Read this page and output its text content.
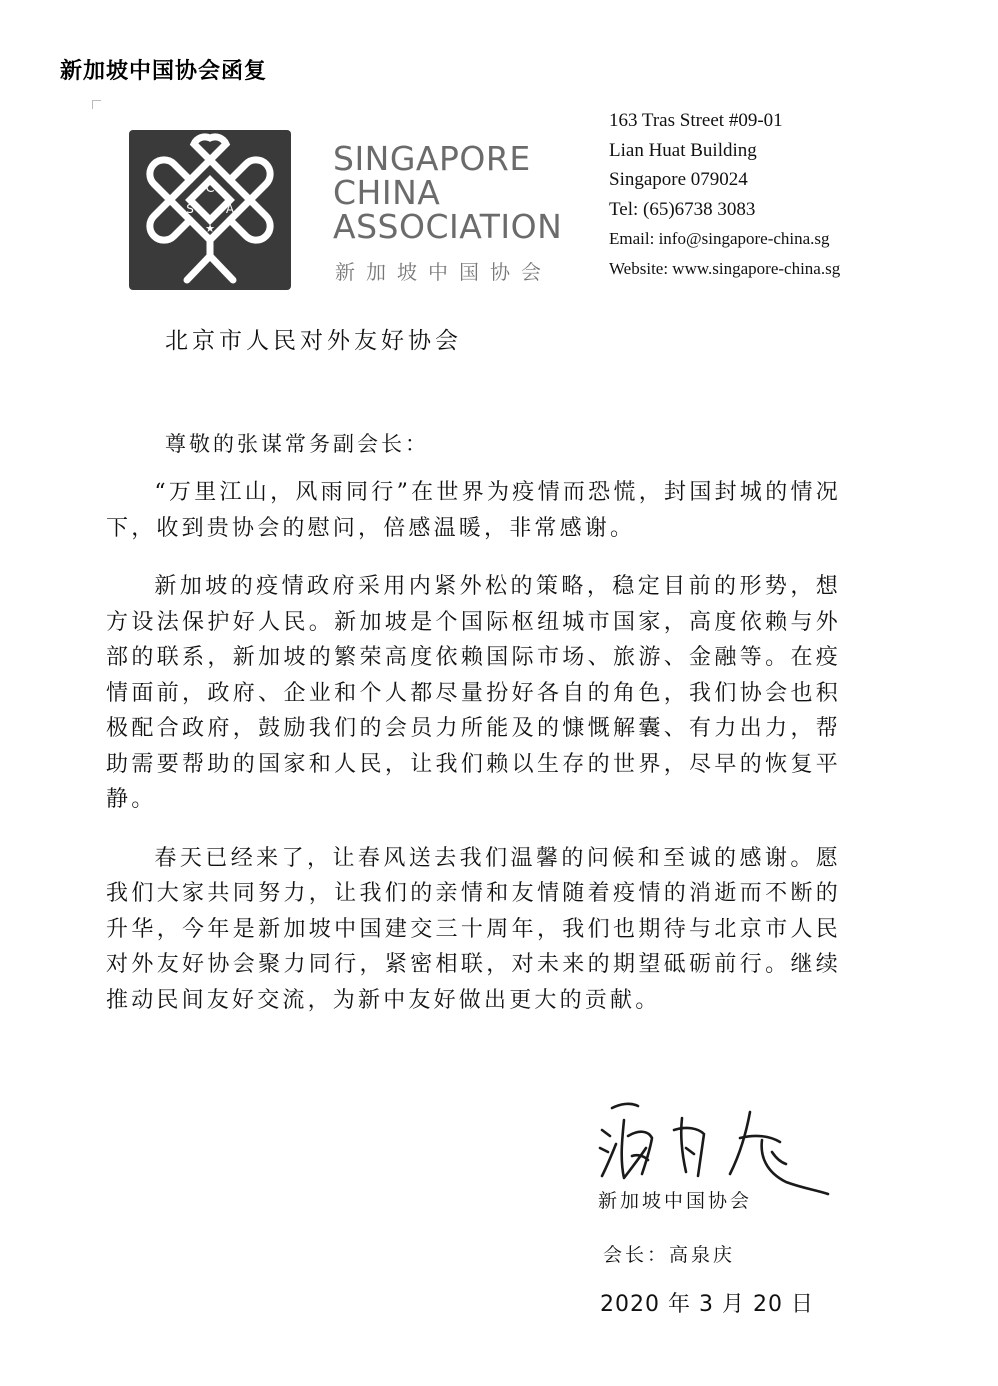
新加坡中国协会函复
C
S	A
★
SINGAPORE
CHINA
ASSOCIATION
新加坡中国协会
163 Tras Street #09-01
Lian Huat Building
Singapore 079024
Tel: (65)6738 3083
Email: info@singapore-china.sg
Website: www.singapore-china.sg
北京市人民对外友好协会
尊敬的张谋常务副会长：

“万里江山，风雨同行”在世界为疫情而恐慌，封国封城的情况下，收到贵协会的慰问，倍感温暖，非常感谢。

新加坡的疫情政府采用内紧外松的策略，稳定目前的形势，想方设法保护好人民。新加坡是个国际枢纽城市国家，高度依赖与外部的联系，新加坡的繁荣高度依赖国际市场、旅游、金融等。在疫情面前，政府、企业和个人都尽量扮好各自的角色，我们协会也积极配合政府，鼓励我们的会员力所能及的慷慨解囊、有力出力，帮助需要帮助的国家和人民，让我们赖以生存的世界，尽早的恢复平静。

春天已经来了，让春风送去我们温馨的问候和至诚的感谢。愿我们大家共同努力，让我们的亲情和友情随着疫情的消逝而不断的升华，今年是新加坡中国建交三十周年，我们也期待与北京市人民对外友好协会聚力同行，紧密相联，对未来的期望砥砺前行。继续推动民间友好交流，为新中友好做出更大的贡献。

新加坡中国协会
会长：高泉庆
2020 年 3 月 20 日
